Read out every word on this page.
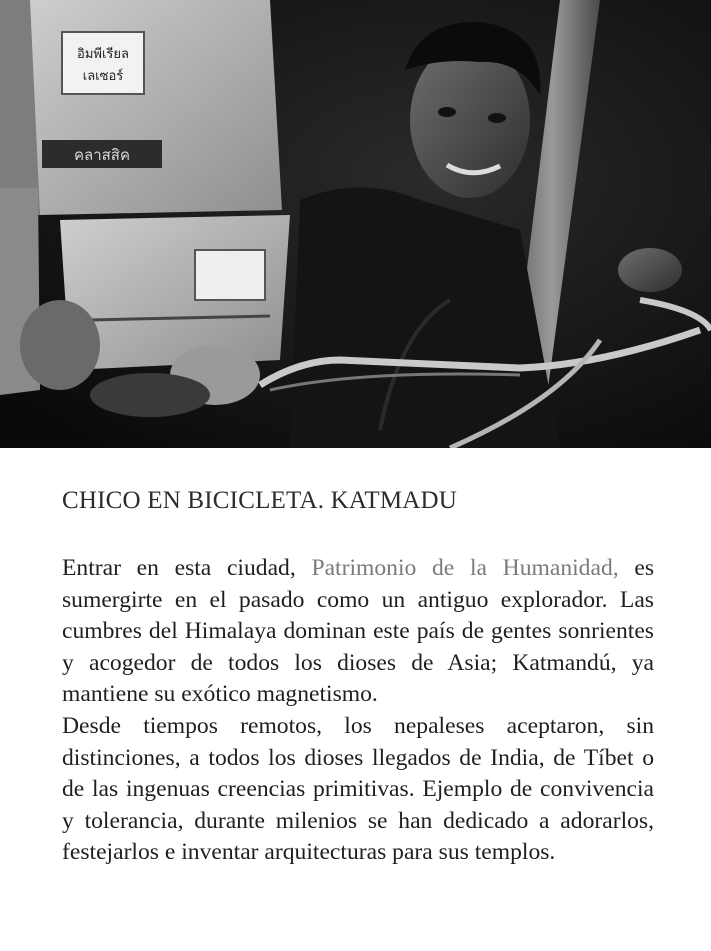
อิมพีเรียล
เลเซอร์
คลาสสิค
CHICO EN BICICLETA. KATMADU

Entrar en esta ciudad, Patrimonio de la Humanidad, es sumergirte en el pasado como un antiguo explorador. Las cumbres del Himalaya dominan este país de gentes sonrientes y acogedor de todos los dioses de Asia; Katmandú, ya mantiene su exótico magnetismo.

Desde tiempos remotos, los nepaleses aceptaron, sin distinciones, a todos los dioses llegados de India, de Tíbet o de las ingenuas creencias primitivas. Ejemplo de convivencia y tolerancia, durante milenios se han dedicado a adorarlos, festejarlos e inventar arquitecturas para sus templos.
